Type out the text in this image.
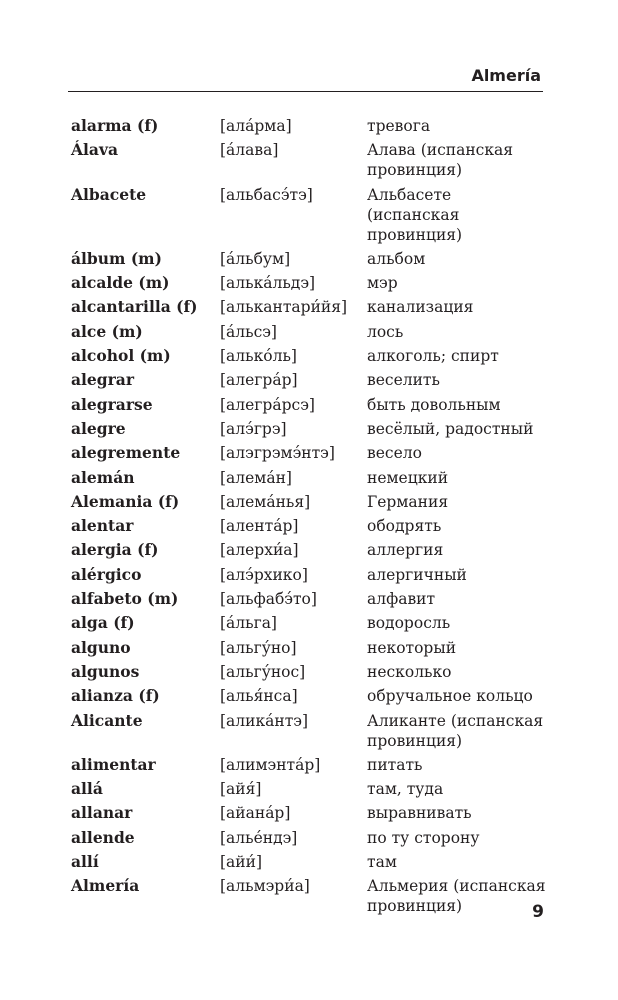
Almería
alarma (f)	[ала́рма]	тревога
Álava	[а́лава]	Алава (испанская провинция)
Albacete	[альбасэ́тэ]	Альбасете (испанская провинция)
álbum (m)	[а́льбум]	альбом
alcalde (m)	[алька́льдэ]	мэр
alcantarilla (f)	[алькантари́йя]	канализация
alce (m)	[а́льсэ]	лось
alcohol (m)	[алько́ль]	алкоголь; спирт
alegrar	[алегра́р]	веселить
alegrarse	[алегра́рсэ]	быть довольным
alegre	[алэ́грэ]	весёлый, радостный
alegremente	[алэгрэмэ́нтэ]	весело
alemán	[алема́н]	немецкий
Alemania (f)	[алема́нья]	Германия
alentar	[алента́р]	ободрять
alergia (f)	[алерхи́а]	аллергия
alérgico	[алэ́рхико]	алергичный
alfabeto (m)	[альфабэ́то]	алфавит
alga (f)	[а́льга]	водоросль
alguno	[альгу́но]	некоторый
algunos	[альгу́нос]	несколько
alianza (f)	[алья́нса]	обручальное кольцо
Alicante	[алика́нтэ]	Аликанте (испанская провинция)
alimentar	[алимэнта́р]	питать
allá	[айя́]	там, туда
allanar	[айана́р]	выравнивать
allende	[алье́ндэ]	по ту сторону
allí	[айи́]	там
Almería	[альмэри́а]	Альмерия (испанская провинция)	9
